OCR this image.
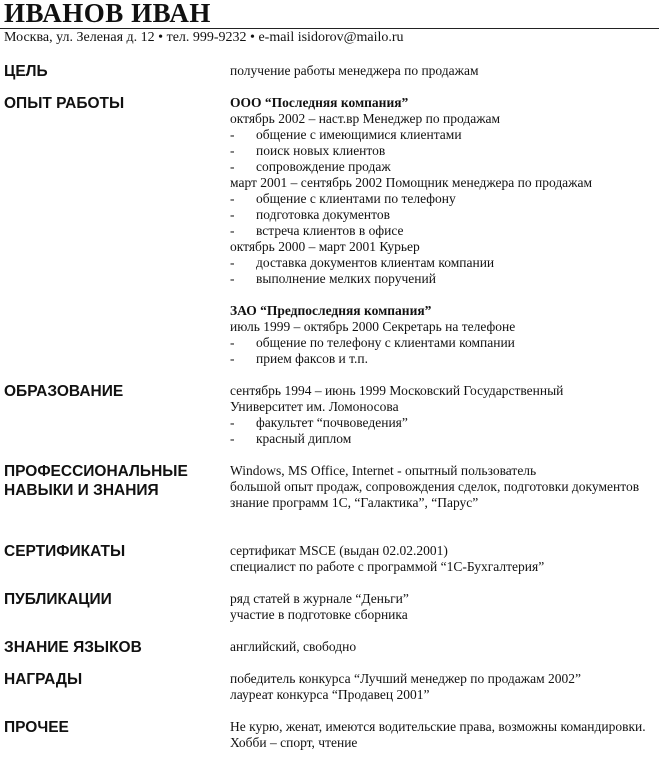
ИВАНОВ ИВАН
Москва, ул. Зеленая д. 12 • тел. 999-9232 • e-mail isidorov@mailo.ru
ЦЕЛЬ	получение работы менеджера по продажам
ОПЫТ РАБОТЫ	ООО “Последняя компания”
октябрь 2002 – наст.вр Менеджер по продажам
- общение с имеющимися клиентами
- поиск новых клиентов
- сопровождение продаж
март 2001 – сентябрь 2002 Помощник менеджера по продажам
- общение с клиентами по телефону
- подготовка документов
- встреча клиентов в офисе
октябрь 2000 – март 2001 Курьер
- доставка документов клиентам компании
- выполнение мелких поручений
ЗАО “Предпоследняя компания”
июль 1999 – октябрь 2000 Секретарь на телефоне
- общение по телефону с клиентами компании
- прием факсов и т.п.
ОБРАЗОВАНИЕ	сентябрь 1994 – июнь 1999 Московский Государственный
Университет им. Ломоносова
- факультет “почвоведения”
- красный диплом
ПРОФЕССИОНАЛЬНЫЕ
НАВЫКИ И ЗНАНИЯ
Windows, MS Office, Internet - опытный пользователь
большой опыт продаж, сопровождения сделок, подготовки документов
знание программ 1С, “Галактика”, “Парус”
СЕРТИФИКАТЫ	сертификат MSCE (выдан 02.02.2001)
специалист по работе с программой “1С-Бухгалтерия”
ПУБЛИКАЦИИ	ряд статей в журнале “Деньги”
участие в подготовке сборника
ЗНАНИЕ ЯЗЫКОВ	английский, свободно
НАГРАДЫ	победитель конкурса “Лучший менеджер по продажам 2002”
лауреат конкурса “Продавец 2001”
ПРОЧЕЕ	Не курю, женат, имеются водительские права, возможны командировки.
Хобби – спорт, чтение
